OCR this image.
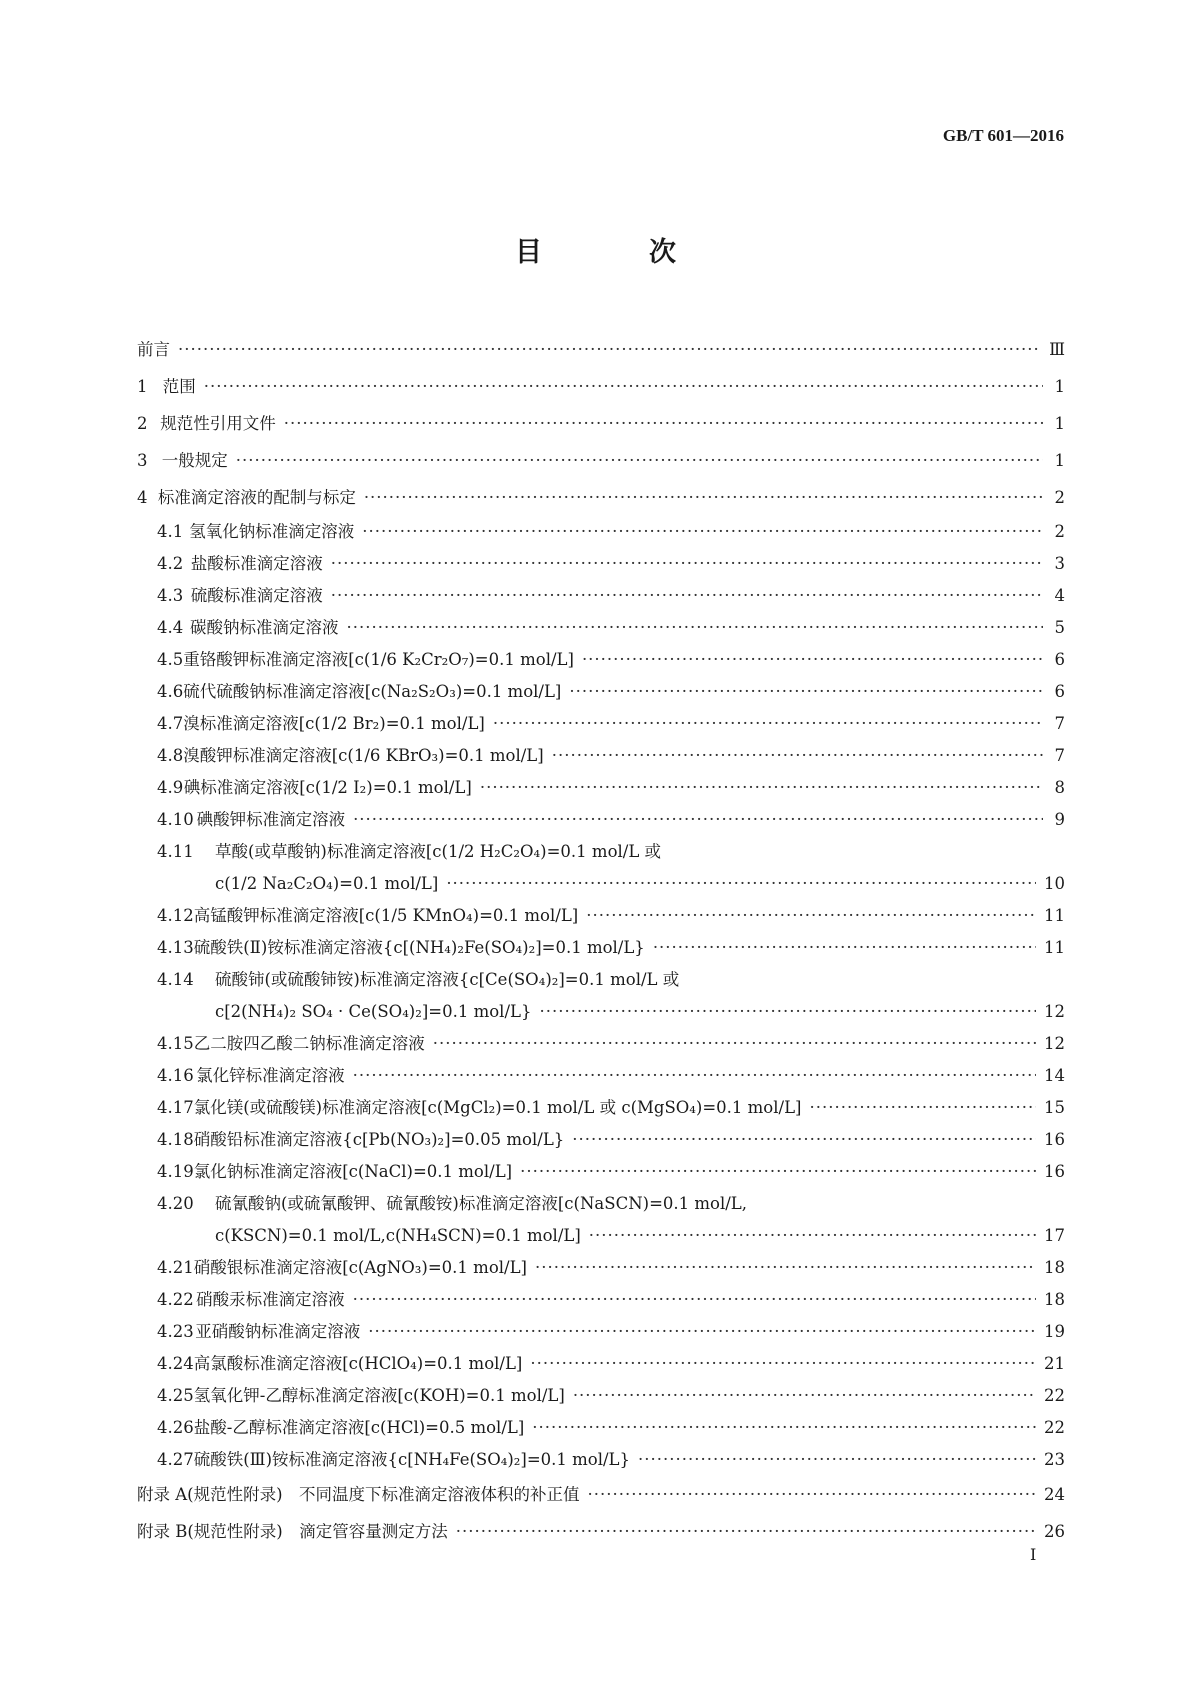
GB/T 601—2016
目　次
前言 ·····	Ⅲ
1 范围 ·····	1
2 规范性引用文件 ·····	1
3 一般规定 ·····	1
4 标准滴定溶液的配制与标定 ·····	2
4.1 氢氧化钠标准滴定溶液 ·····	2
4.2 盐酸标准滴定溶液 ·····	3
4.3 硫酸标准滴定溶液 ·····	4
4.4 碳酸钠标准滴定溶液 ·····	5
4.5 重铬酸钾标准滴定溶液[c(1/6 K₂Cr₂O₇)=0.1 mol/L] ·····	6
4.6 硫代硫酸钠标准滴定溶液[c(Na₂S₂O₃)=0.1 mol/L] ·····	6
4.7 溴标准滴定溶液[c(1/2 Br₂)=0.1 mol/L] ·····	7
4.8 溴酸钾标准滴定溶液[c(1/6 KBrO₃)=0.1 mol/L] ·····	7
4.9 碘标准滴定溶液[c(1/2 I₂)=0.1 mol/L] ·····	8
4.10 碘酸钾标准滴定溶液 ·····	9
4.11	草酸(或草酸钠)标准滴定溶液[c(1/2 H₂C₂O₄)=0.1 mol/L 或
c(1/2 Na₂C₂O₄)=0.1 mol/L] ·····	10
4.12 高锰酸钾标准滴定溶液[c(1/5 KMnO₄)=0.1 mol/L] ·····	11
4.13 硫酸铁(Ⅱ)铵标准滴定溶液{c[(NH₄)₂Fe(SO₄)₂]=0.1 mol/L} ·····	11
4.14	硫酸铈(或硫酸铈铵)标准滴定溶液{c[Ce(SO₄)₂]=0.1 mol/L 或
c[2(NH₄)₂ SO₄ · Ce(SO₄)₂]=0.1 mol/L} ·····	12
4.15 乙二胺四乙酸二钠标准滴定溶液 ·····	12
4.16 氯化锌标准滴定溶液 ·····	14
4.17 氯化镁(或硫酸镁)标准滴定溶液[c(MgCl₂)=0.1 mol/L 或 c(MgSO₄)=0.1 mol/L] ·····	15
4.18 硝酸铅标准滴定溶液{c[Pb(NO₃)₂]=0.05 mol/L} ·····	16
4.19 氯化钠标准滴定溶液[c(NaCl)=0.1 mol/L] ·····	16
4.20	硫氰酸钠(或硫氰酸钾、硫氰酸铵)标准滴定溶液[c(NaSCN)=0.1 mol/L,
c(KSCN)=0.1 mol/L,c(NH₄SCN)=0.1 mol/L] ·····	17
4.21 硝酸银标准滴定溶液[c(AgNO₃)=0.1 mol/L] ·····	18
4.22 硝酸汞标准滴定溶液 ·····	18
4.23 亚硝酸钠标准滴定溶液 ·····	19
4.24 高氯酸标准滴定溶液[c(HClO₄)=0.1 mol/L] ·····	21
4.25 氢氧化钾-乙醇标准滴定溶液[c(KOH)=0.1 mol/L] ·····	22
4.26 盐酸-乙醇标准滴定溶液[c(HCl)=0.5 mol/L] ·····	22
4.27 硫酸铁(Ⅲ)铵标准滴定溶液{c[NH₄Fe(SO₄)₂]=0.1 mol/L} ·····	23
附录 A(规范性附录)　不同温度下标准滴定溶液体积的补正值 ·····	24
附录 B(规范性附录)　滴定管容量测定方法 ·····	26
I
